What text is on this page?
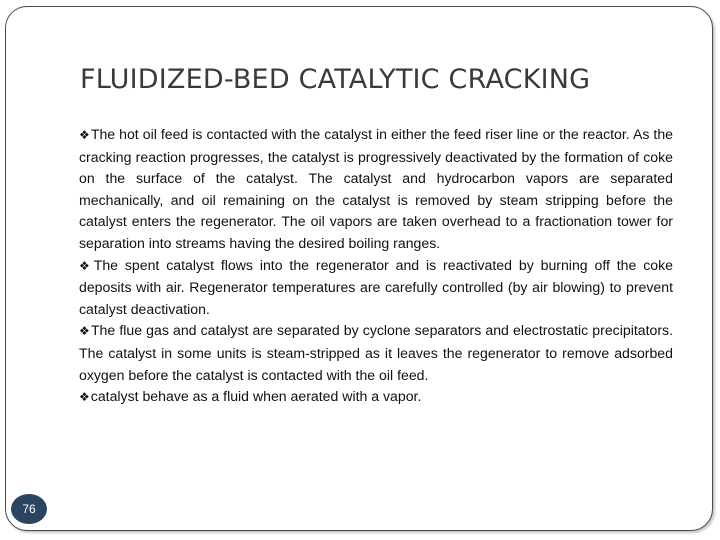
FLUIDIZED-BED CATALYTIC CRACKING

❖The hot oil feed is contacted with the catalyst in either the feed riser line or the reactor. As the cracking reaction progresses, the catalyst is progressively deactivated by the formation of coke on the surface of the catalyst. The catalyst and hydrocarbon vapors are separated mechanically, and oil remaining on the catalyst is removed by steam stripping before the catalyst enters the regenerator. The oil vapors are taken overhead to a fractionation tower for separation into streams having the desired boiling ranges.

❖The spent catalyst flows into the regenerator and is reactivated by burning off the coke deposits with air. Regenerator temperatures are carefully controlled (by air blowing) to prevent catalyst deactivation.

❖The flue gas and catalyst are separated by cyclone separators and electrostatic precipitators. The catalyst in some units is steam-stripped as it leaves the regenerator to remove adsorbed oxygen before the catalyst is contacted with the oil feed.

❖catalyst behave as a fluid when aerated with a vapor.

76
